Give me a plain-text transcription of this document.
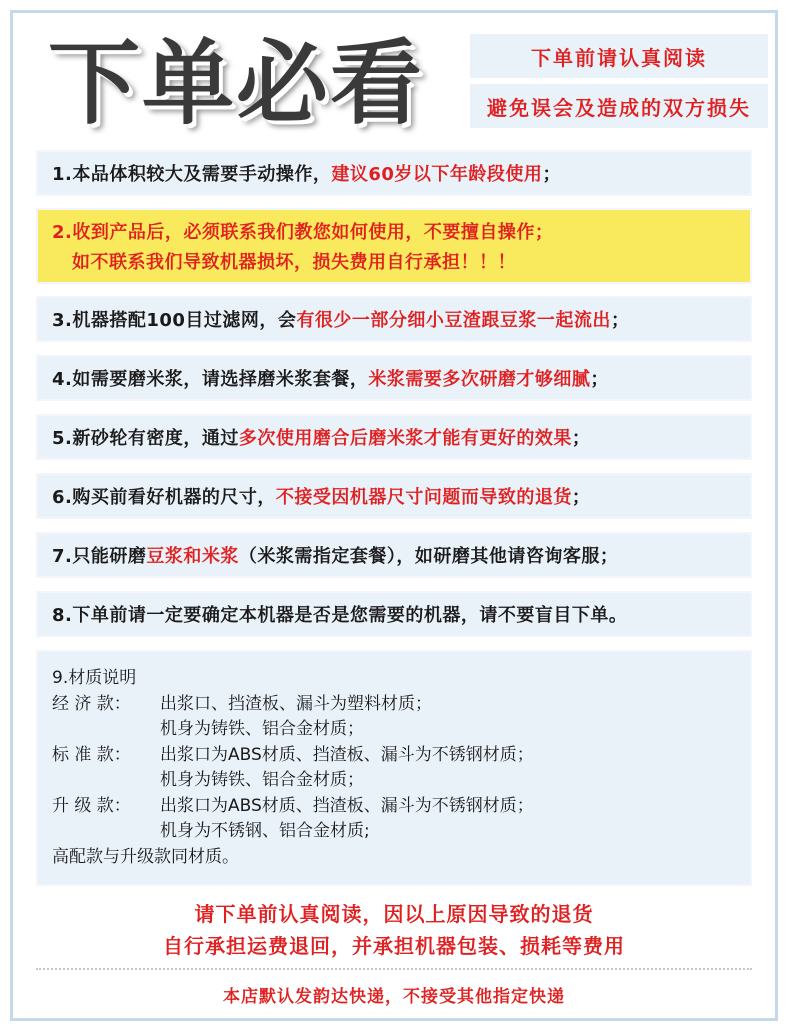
下单必看	下单前请认真阅读
避免误会及造成的双方损失
1.本品体积较大及需要手动操作， 建议60岁以下年龄段使用 ；
2.收到产品后，必须联系我们教您如何使用，不要擅自操作；
如不联系我们导致机器损坏，损失费用自行承担！！！
3.机器搭配100目过滤网，会 有很少一部分细小豆渣跟豆浆一起流出 ；
4.如需要磨米浆，请选择磨米浆套餐， 米浆需要多次研磨才够细腻 ；
5.新砂轮有密度，通过 多次使用磨合后磨米浆才能有更好的效果 ；
6.购买前看好机器的尺寸， 不接受因机器尺寸问题而导致的退货 ；
7.只能研磨 豆浆和米浆 （米浆需指定套餐），如研磨其他请咨询客服；
8.下单前请一定要确定本机器是否是您需要的机器，请不要盲目下单。
9.材质说明
经 济 款：	出浆口、挡渣板、漏斗为塑料材质；
机身为铸铁、铝合金材质；
标 准 款：	出浆口为ABS材质、挡渣板、漏斗为不锈钢材质；
机身为铸铁、铝合金材质；
升 级 款：	出浆口为ABS材质、挡渣板、漏斗为不锈钢材质；
机身为不锈钢、铝合金材质;
高配款与升级款同材质。
请下单前认真阅读，因以上原因导致的退货
自行承担运费退回，并承担机器包装、损耗等费用
本店默认发韵达快递，不接受其他指定快递
